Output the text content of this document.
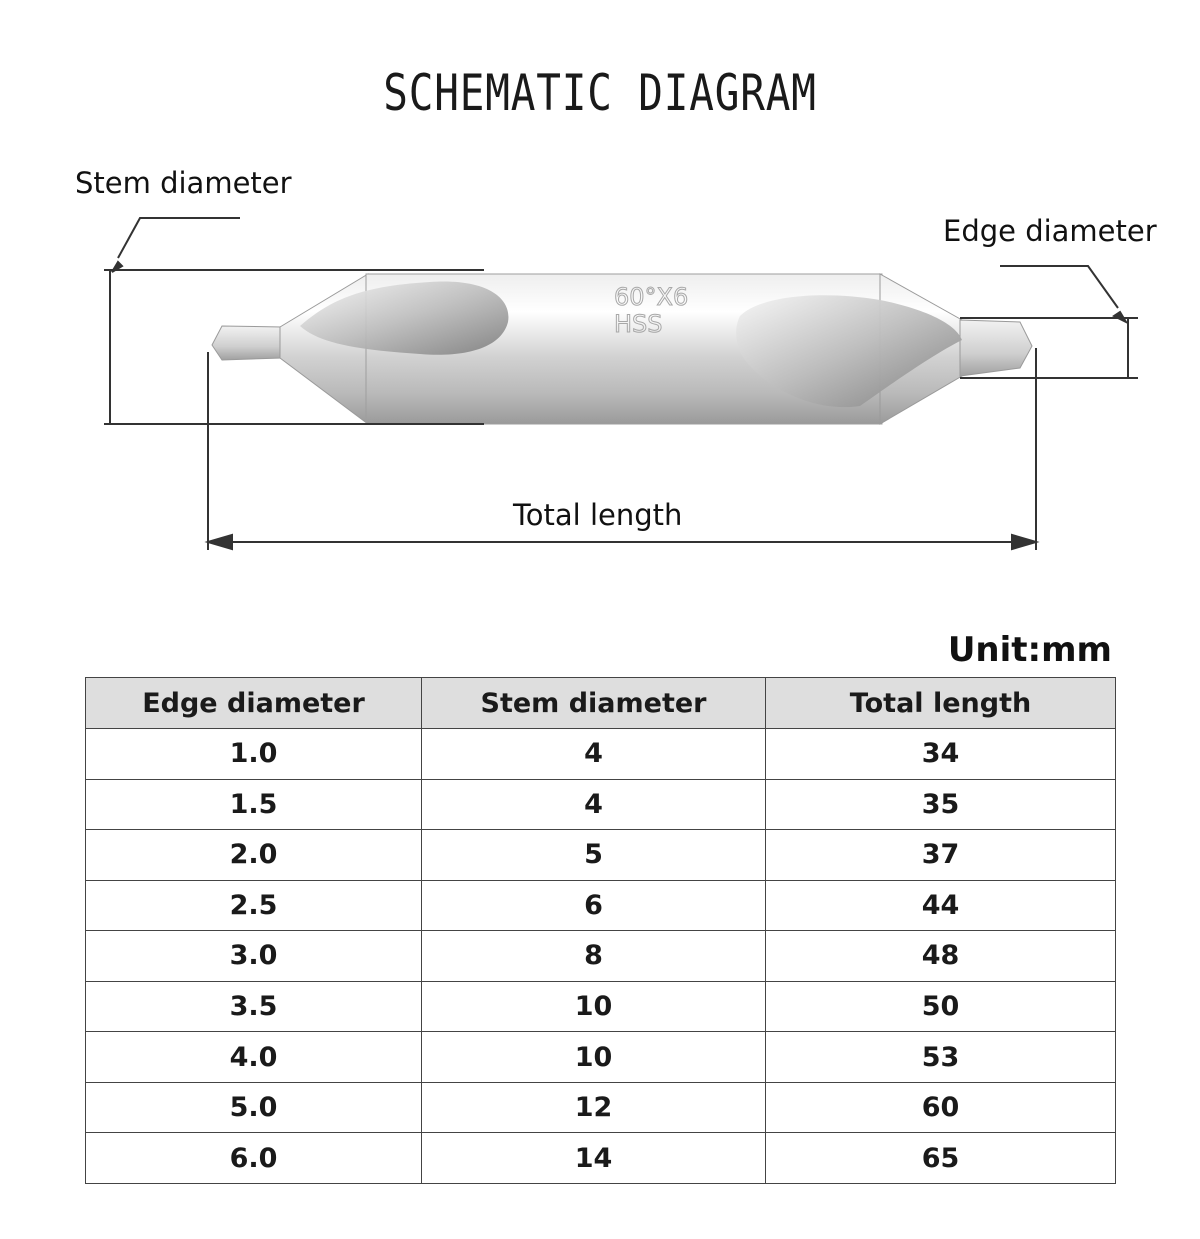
SCHEMATIC DIAGRAM
60°X6
HSS
Stem diameter
Edge diameter
Total length
Unit:mm
Edge diameter	Stem diameter	Total length
1.0	4	34
1.5	4	35
2.0	5	37
2.5	6	44
3.0	8	48
3.5	10	50
4.0	10	53
5.0	12	60
6.0	14	65
